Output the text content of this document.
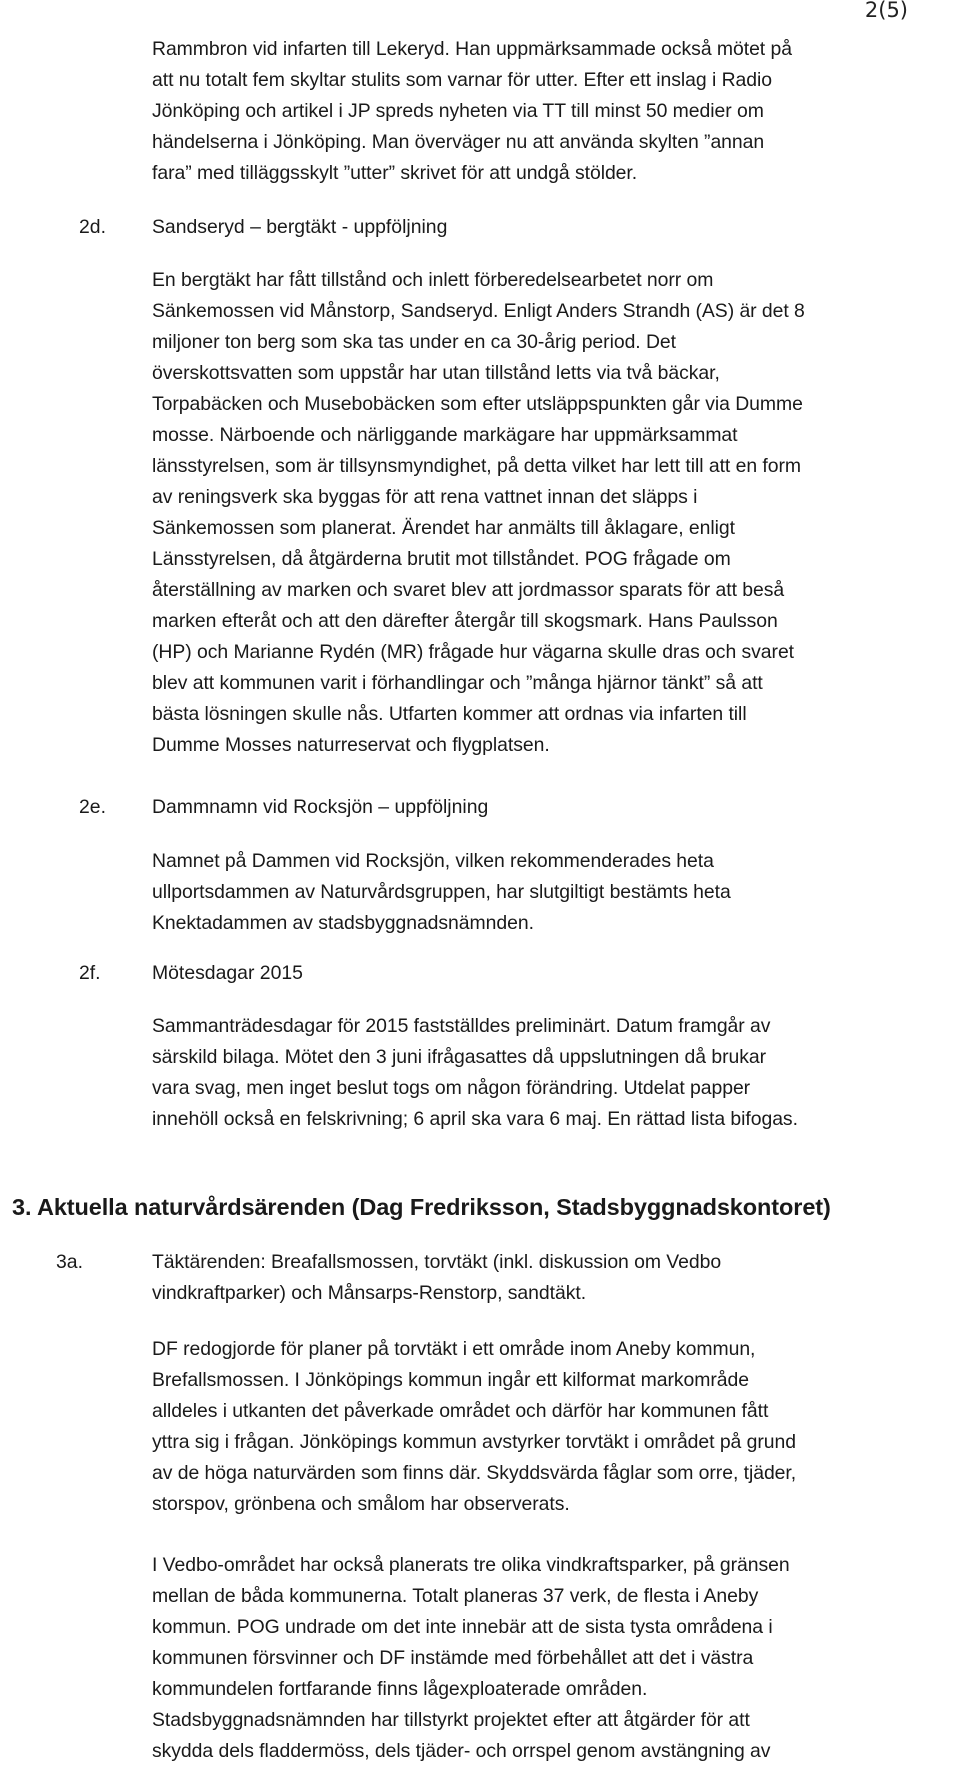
2(5)

Rammbron vid infarten till Lekeryd. Han uppmärksammade också mötet på

att nu totalt fem skyltar stulits som varnar för utter. Efter ett inslag i Radio

Jönköping och artikel i JP spreds nyheten via TT till minst 50 medier om

händelserna i Jönköping. Man överväger nu att använda skylten ”annan

fara” med tilläggsskylt ”utter” skrivet för att undgå stölder.

2d. Sandseryd – bergtäkt - uppföljning

En bergtäkt har fått tillstånd och inlett förberedelsearbetet norr om

Sänkemossen vid Månstorp, Sandseryd. Enligt Anders Strandh (AS) är det 8

miljoner ton berg som ska tas under en ca 30-årig period. Det

överskottsvatten som uppstår har utan tillstånd letts via två bäckar,

Torpabäcken och Musebobäcken som efter utsläppspunkten går via Dumme

mosse. Närboende och närliggande markägare har uppmärksammat

länsstyrelsen, som är tillsynsmyndighet, på detta vilket har lett till att en form

av reningsverk ska byggas för att rena vattnet innan det släpps i

Sänkemossen som planerat. Ärendet har anmälts till åklagare, enligt

Länsstyrelsen, då åtgärderna brutit mot tillståndet. POG frågade om

återställning av marken och svaret blev att jordmassor sparats för att beså

marken efteråt och att den därefter återgår till skogsmark. Hans Paulsson

(HP) och Marianne Rydén (MR) frågade hur vägarna skulle dras och svaret

blev att kommunen varit i förhandlingar och ”många hjärnor tänkt” så att

bästa lösningen skulle nås. Utfarten kommer att ordnas via infarten till

Dumme Mosses naturreservat och flygplatsen.

2e. Dammnamn vid Rocksjön – uppföljning

Namnet på Dammen vid Rocksjön, vilken rekommenderades heta

ullportsdammen av Naturvårdsgruppen, har slutgiltigt bestämts heta

Knektadammen av stadsbyggnadsnämnden.

2f.	Mötesdagar 2015

Sammanträdesdagar för 2015 fastställdes preliminärt. Datum framgår av

särskild bilaga. Mötet den 3 juni ifrågasattes då uppslutningen då brukar

vara svag, men inget beslut togs om någon förändring. Utdelat papper

innehöll också en felskrivning; 6 april ska vara 6 maj. En rättad lista bifogas.

3. Aktuella naturvårdsärenden (Dag Fredriksson, Stadsbyggnadskontoret)
3a.	Täktärenden: Breafallsmossen, torvtäkt (inkl. diskussion om Vedbo

vindkraftparker) och Månsarps-Renstorp, sandtäkt.

DF redogjorde för planer på torvtäkt i ett område inom Aneby kommun,

Brefallsmossen. I Jönköpings kommun ingår ett kilformat markområde

alldeles i utkanten det påverkade området och därför har kommunen fått

yttra sig i frågan. Jönköpings kommun avstyrker torvtäkt i området på grund

av de höga naturvärden som finns där. Skyddsvärda fåglar som orre, tjäder,

storspov, grönbena och smålom har observerats.

I Vedbo-området har också planerats tre olika vindkraftsparker, på gränsen

mellan de båda kommunerna. Totalt planeras 37 verk, de flesta i Aneby

kommun. POG undrade om det inte innebär att de sista tysta områdena i

kommunen försvinner och DF instämde med förbehållet att det i västra

kommundelen fortfarande finns lågexploaterade områden.

Stadsbyggnadsnämnden har tillstyrkt projektet efter att åtgärder för att

skydda dels fladdermöss, dels tjäder- och orrspel genom avstängning av
